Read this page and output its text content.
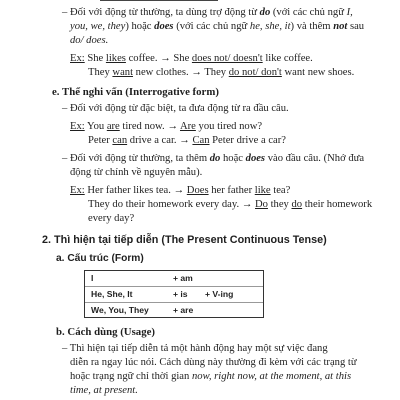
– Đối với động từ thường, ta dùng trợ động từ do (với các chủ ngữ I,
you, we, they) hoặc does (với các chủ ngữ he, she, it) và thêm not sau
do/ does.
Ex: She likes coffee. → She does not/ doesn't like coffee.
They want new clothes. → They do not/ don't want new shoes.
e. Thể nghi vấn (Interrogative form)
– Đối với động từ đặc biệt, ta đưa động từ ra đầu câu.
Ex: You are tired now. → Are you tired now?
Peter can drive a car. → Can Peter drive a car?
– Đối với động từ thường, ta thêm do hoặc does vào đầu câu. (Nhớ đưa
động từ chính về nguyên mẫu).
Ex: Her father likes tea. → Does her father like tea?
They do their homework every day. → Do they do their homework
every day?
2. Thì hiện tại tiếp diễn (The Present Continuous Tense)
a. Cấu trúc (Form)
I	+ am
He, She, It	+ is + V-ing
We, You, They	+ are
b. Cách dùng (Usage)
– Thì hiện tại tiếp diễn tả một hành động hay một sự việc đang
diễn ra ngay lúc nói. Cách dùng này thường đi kèm với các trạng từ
hoặc trạng ngữ chỉ thời gian now, right now, at the moment, at this
time, at present.
